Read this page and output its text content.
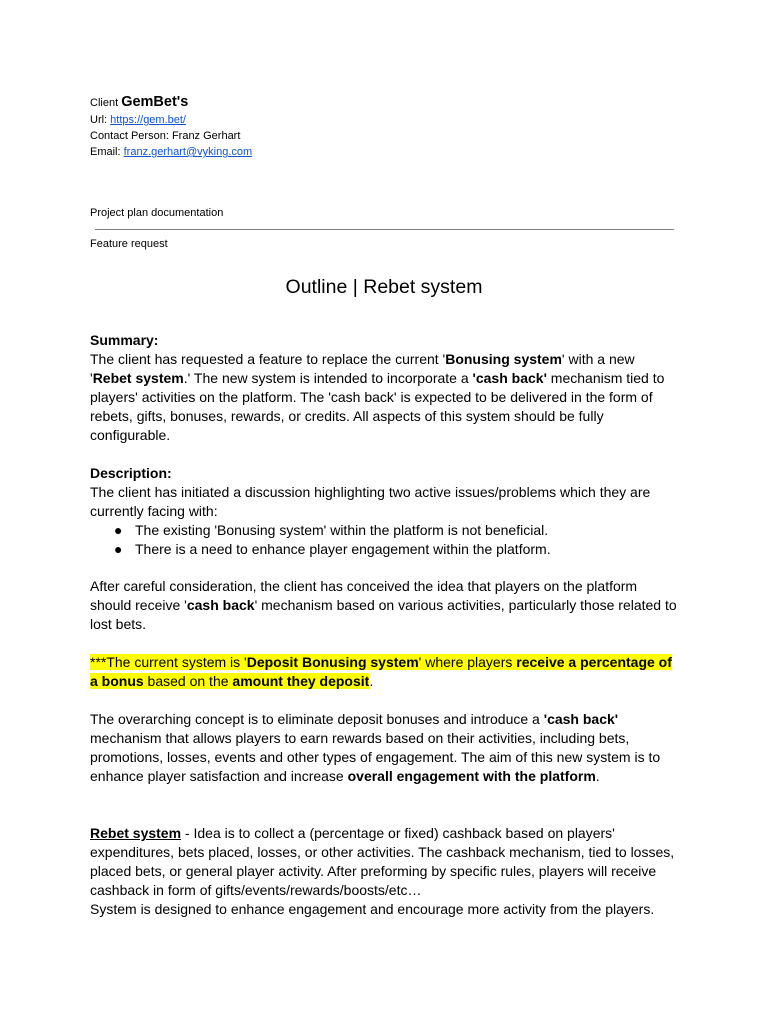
Client GemBet's
Url: https://gem.bet/
Contact Person: Franz Gerhart
Email: franz.gerhart@vyking.com
Project plan documentation
Feature request
Outline | Rebet system
Summary:
The client has requested a feature to replace the current 'Bonusing system' with a new 'Rebet system.' The new system is intended to incorporate a 'cash back' mechanism tied to players' activities on the platform. The 'cash back' is expected to be delivered in the form of rebets, gifts, bonuses, rewards, or credits. All aspects of this system should be fully configurable.
Description:
The client has initiated a discussion highlighting two active issues/problems which they are currently facing with:
● The existing 'Bonusing system' within the platform is not beneficial.
● There is a need to enhance player engagement within the platform.
After careful consideration, the client has conceived the idea that players on the platform should receive 'cash back' mechanism based on various activities, particularly those related to lost bets.
***The current system is 'Deposit Bonusing system' where players receive a percentage of a bonus based on the amount they deposit.
The overarching concept is to eliminate deposit bonuses and introduce a 'cash back' mechanism that allows players to earn rewards based on their activities, including bets, promotions, losses, events and other types of engagement. The aim of this new system is to enhance player satisfaction and increase overall engagement with the platform.
Rebet system - Idea is to collect a (percentage or fixed) cashback based on players' expenditures, bets placed, losses, or other activities. The cashback mechanism, tied to losses, placed bets, or general player activity. After preforming by specific rules, players will receive cashback in form of gifts/events/rewards/boosts/etc…
System is designed to enhance engagement and encourage more activity from the players.
